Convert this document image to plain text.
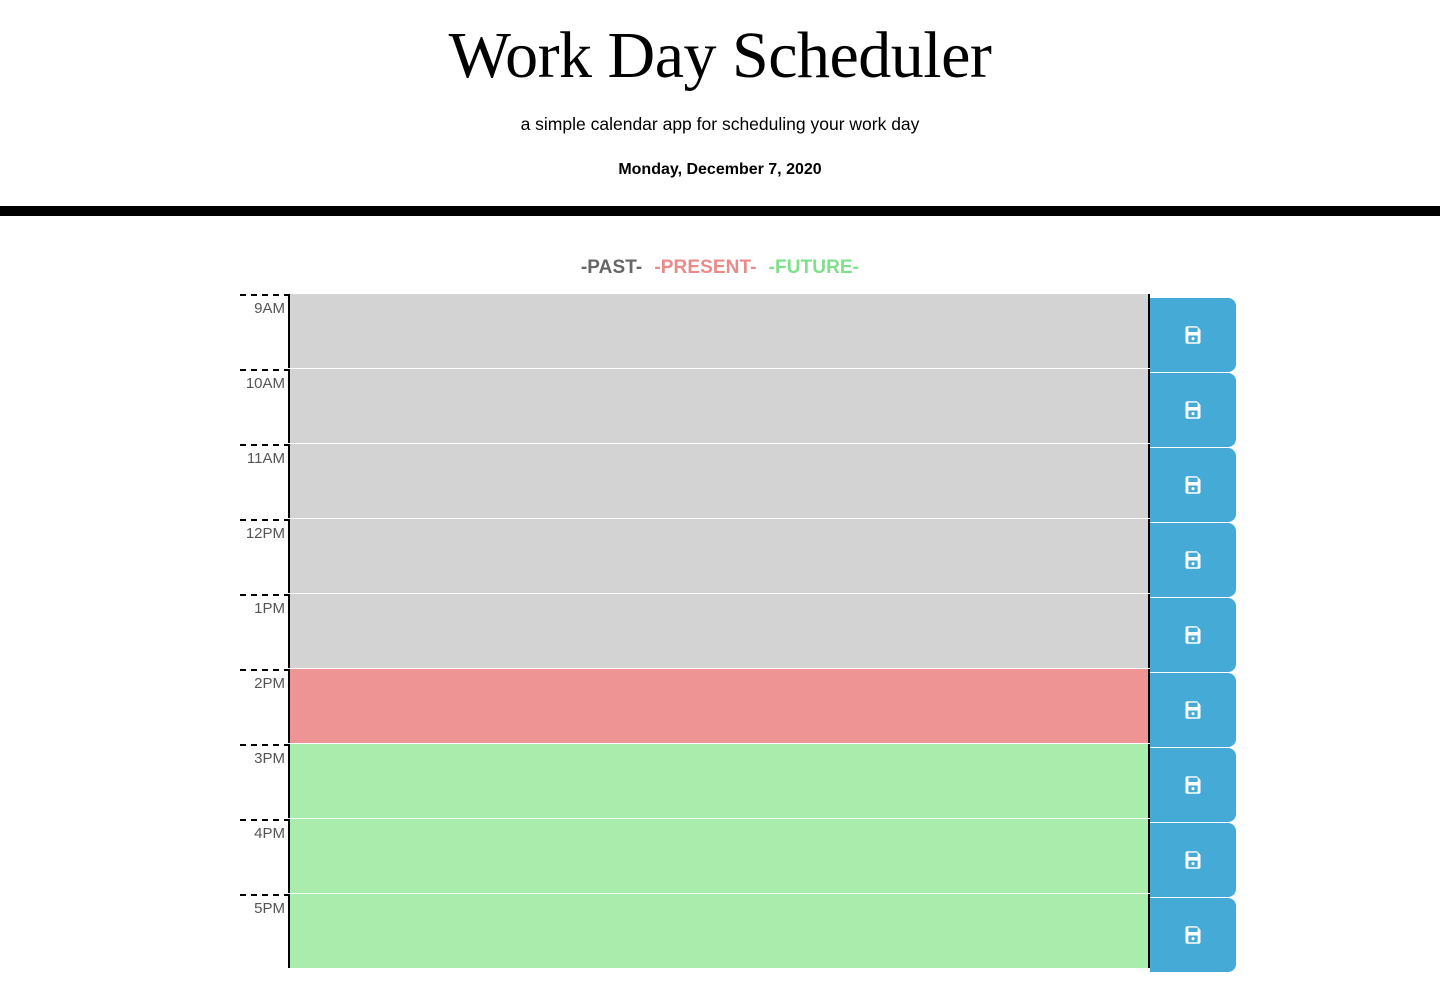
Work Day Scheduler

a simple calendar app for scheduling your work day

Monday, December 7, 2020

-PAST- -PRESENT- -FUTURE-
9AM
10AM
11AM
12PM
1PM
2PM
3PM
4PM
5PM
